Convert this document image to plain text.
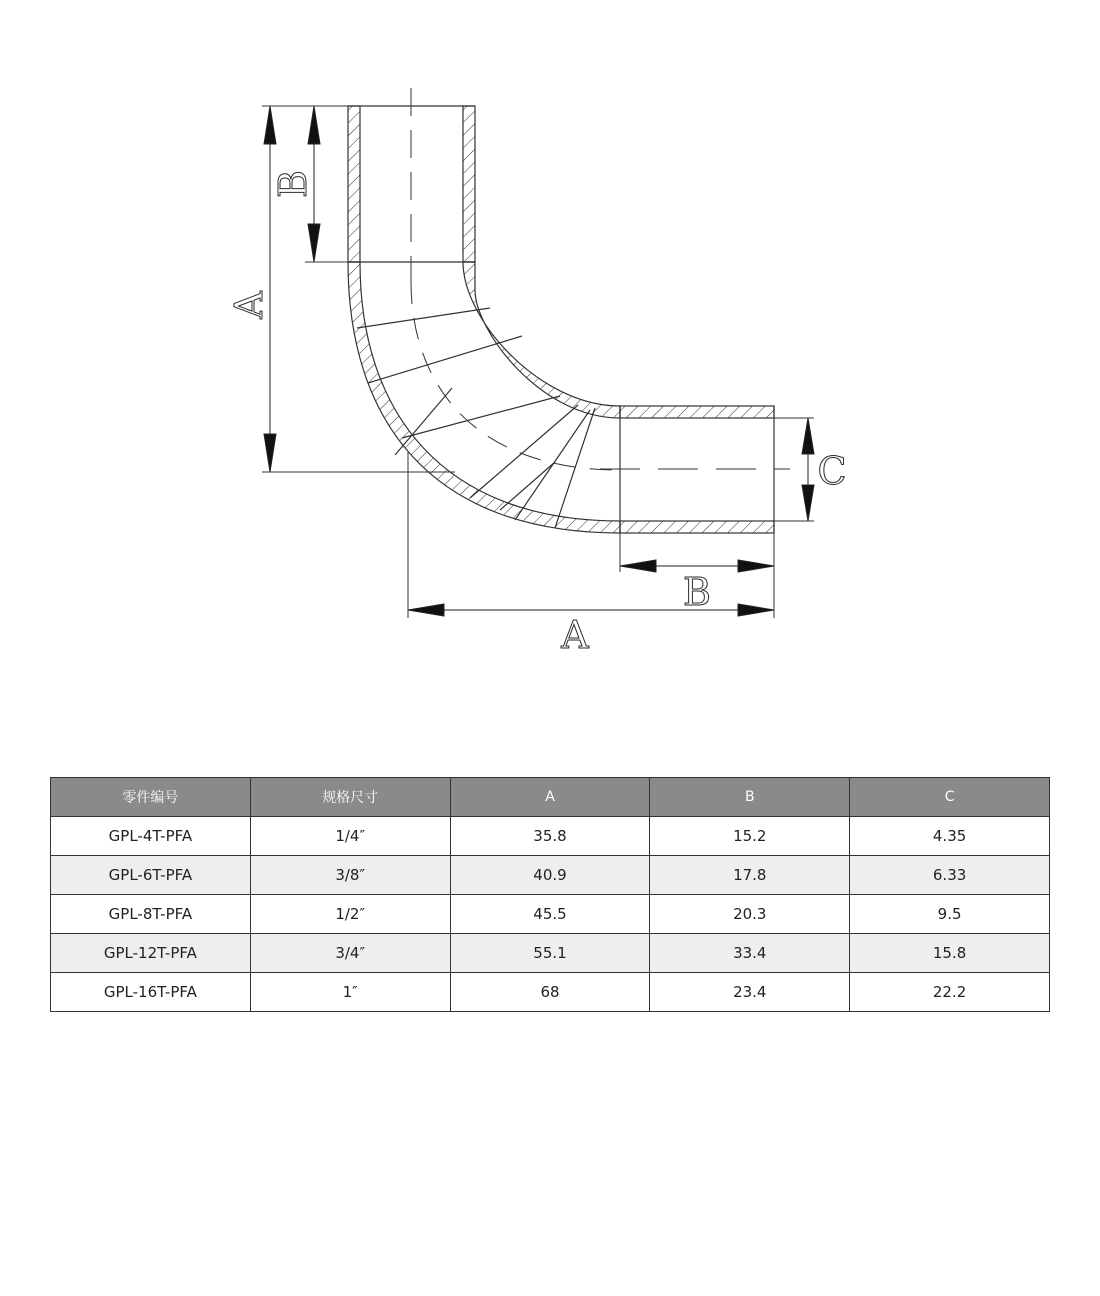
A
B
C
B
A
零件编号	规格尺寸	A	B	C
GPL-4T-PFA	1/4″	35.8	15.2	4.35
GPL-6T-PFA	3/8″	40.9	17.8	6.33
GPL-8T-PFA	1/2″	45.5	20.3	9.5
GPL-12T-PFA	3/4″	55.1	33.4	15.8
GPL-16T-PFA	1″	68	23.4	22.2
